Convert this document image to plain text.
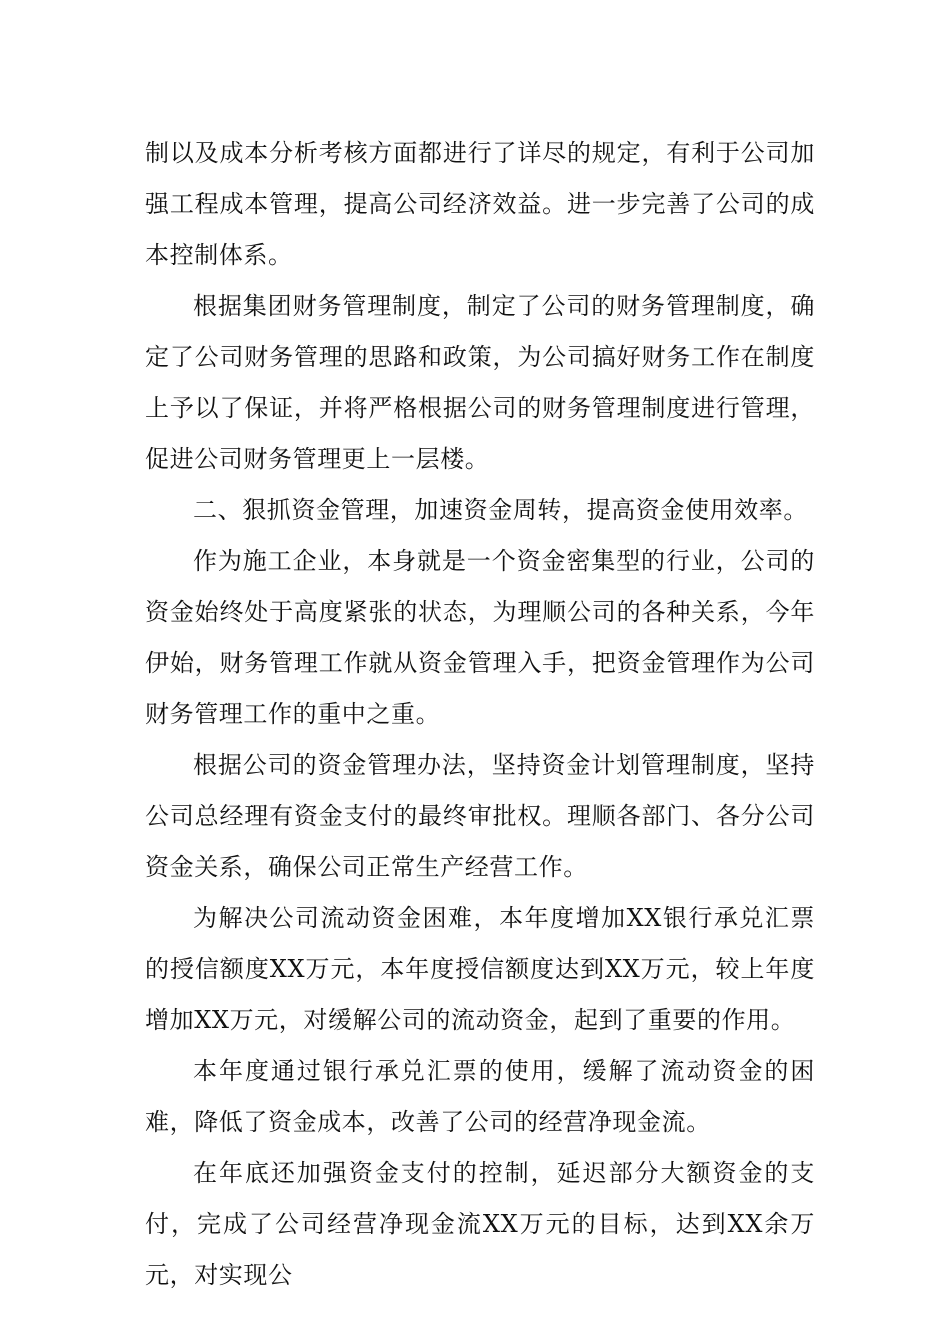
制以及成本分析考核方面都进行了详尽的规定，有利于公司加强工程成本管理，提高公司经济效益。进一步完善了公司的成本控制体系。

根据集团财务管理制度，制定了公司的财务管理制度，确定了公司财务管理的思路和政策，为公司搞好财务工作在制度上予以了保证，并将严格根据公司的财务管理制度进行管理，促进公司财务管理更上一层楼。

二、狠抓资金管理，加速资金周转，提高资金使用效率。

作为施工企业，本身就是一个资金密集型的行业，公司的资金始终处于高度紧张的状态，为理顺公司的各种关系，今年伊始，财务管理工作就从资金管理入手，把资金管理作为公司财务管理工作的重中之重。

根据公司的资金管理办法，坚持资金计划管理制度，坚持公司总经理有资金支付的最终审批权。理顺各部门、各分公司资金关系，确保公司正常生产经营工作。

为解决公司流动资金困难，本年度增加XX银行承兑汇票的授信额度XX万元，本年度授信额度达到XX万元，较上年度增加XX万元，对缓解公司的流动资金，起到了重要的作用。

本年度通过银行承兑汇票的使用，缓解了流动资金的困难，降低了资金成本，改善了公司的经营净现金流。

在年底还加强资金支付的控制，延迟部分大额资金的支付，完成了公司经营净现金流XX万元的目标，达到XX余万元，对实现公
